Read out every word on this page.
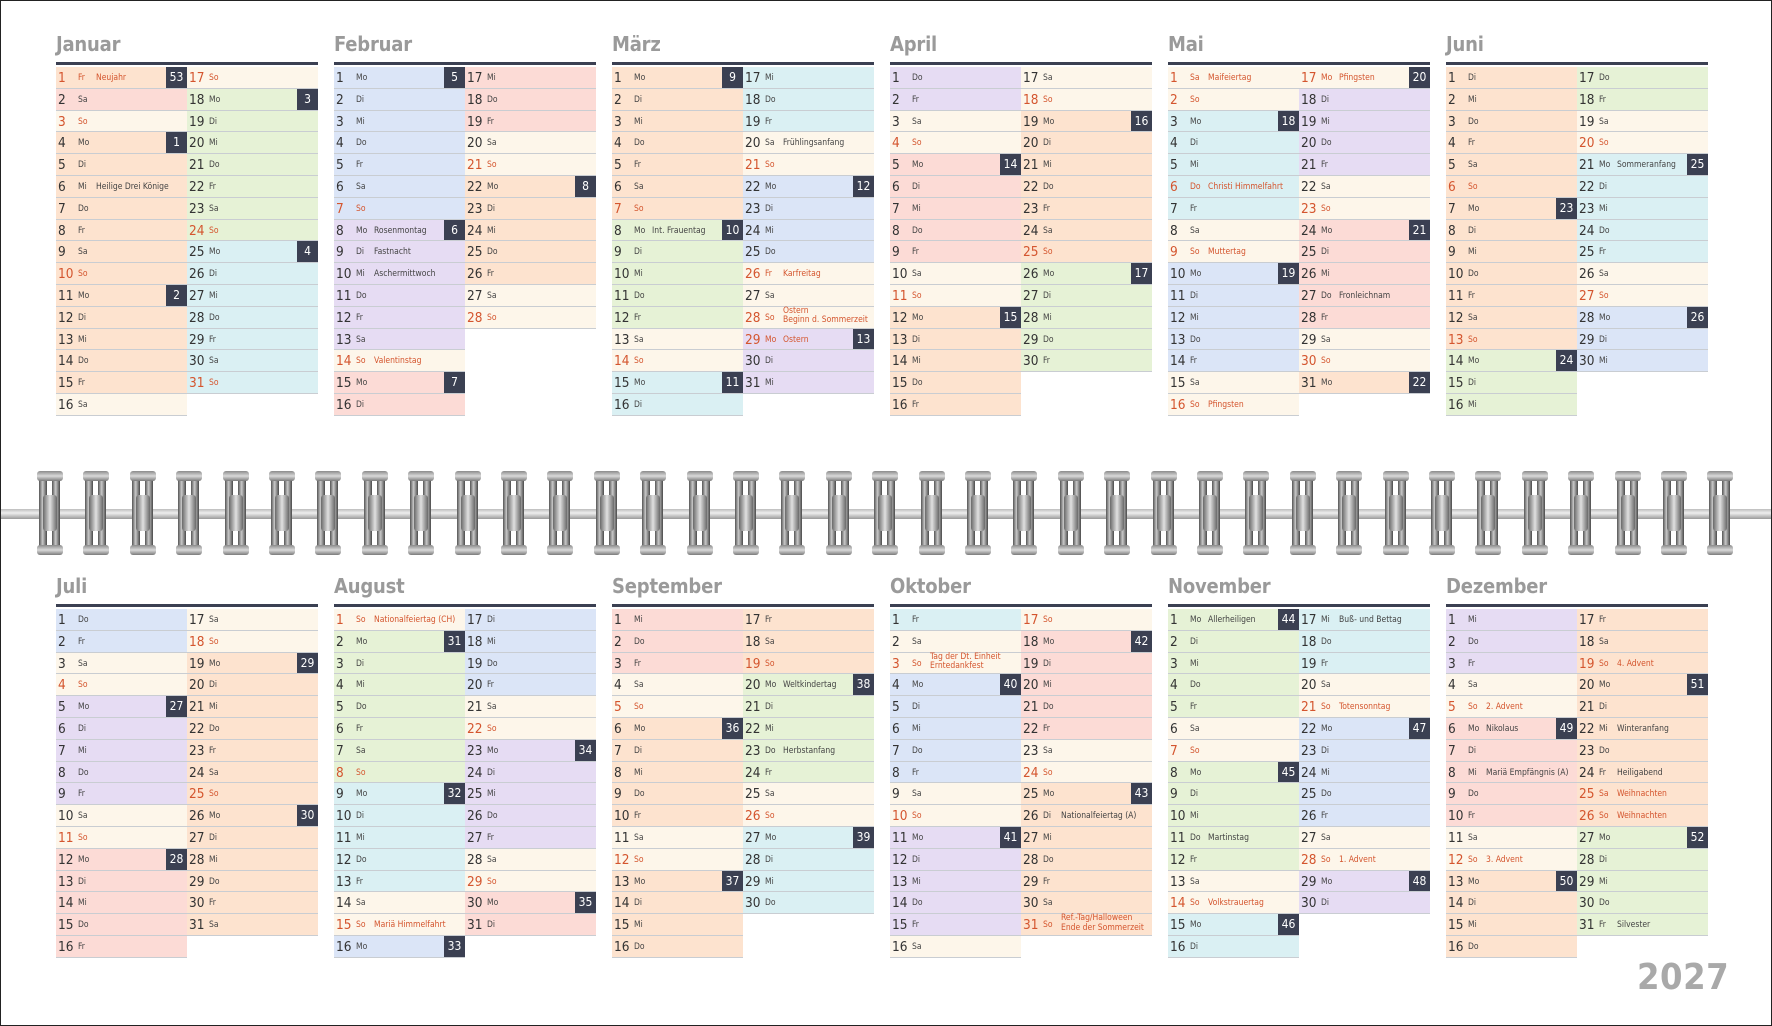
Januar
1 Fr Neujahr	53
2 Sa
3 So
4 Mo	1
5 Di
6 Mi Heilige Drei Könige
7 Do
8 Fr
9 Sa
10 So
11 Mo	2
12 Di
13 Mi
14 Do
15 Fr
16 Sa
17 So
18 Mo	3
19 Di
20 Mi
21 Do
22 Fr
23 Sa
24 So
25 Mo	4
26 Di
27 Mi
28 Do
29 Fr
30 Sa
31 So
Februar
1 Mo	5
2 Di
3 Mi
4 Do
5 Fr
6 Sa
7 So
8 Mo Rosenmontag	6
9 Di Fastnacht
10 Mi Aschermittwoch
11 Do
12 Fr
13 Sa
14 So Valentinstag
15 Mo	7
16 Di
17 Mi
18 Do
19 Fr
20 Sa
21 So
22 Mo	8
23 Di
24 Mi
25 Do
26 Fr
27 Sa
28 So
März
1 Mo	9
2 Di
3 Mi
4 Do
5 Fr
6 Sa
7 So
8 Mo Int. Frauentag	10
9 Di
10 Mi
11 Do
12 Fr
13 Sa
14 So
15 Mo	11
16 Di
17 Mi
18 Do
19 Fr
20 Sa Frühlingsanfang
21 So
22 Mo	12
23 Di
24 Mi
25 Do
26 Fr Karfreitag
27 Sa
28 So
Ostern
Beginn d. Sommerzeit
29 Mo Ostern	13
30 Di
31 Mi
April
1 Do
2 Fr
3 Sa
4 So
5 Mo	14
6 Di
7 Mi
8 Do
9 Fr
10 Sa
11 So
12 Mo	15
13 Di
14 Mi
15 Do
16 Fr
17 Sa
18 So
19 Mo	16
20 Di
21 Mi
22 Do
23 Fr
24 Sa
25 So
26 Mo	17
27 Di
28 Mi
29 Do
30 Fr
Mai
1 Sa Maifeiertag
2 So
3 Mo	18
4 Di
5 Mi
6 Do Christi Himmelfahrt
7 Fr
8 Sa
9 So Muttertag
10 Mo	19
11 Di
12 Mi
13 Do
14 Fr
15 Sa
16 So Pfingsten
17 Mo Pfingsten	20
18 Di
19 Mi
20 Do
21 Fr
22 Sa
23 So
24 Mo	21
25 Di
26 Mi
27 Do Fronleichnam
28 Fr
29 Sa
30 So
31 Mo	22
Juni
1 Di
2 Mi
3 Do
4 Fr
5 Sa
6 So
7 Mo	23
8 Di
9 Mi
10 Do
11 Fr
12 Sa
13 So
14 Mo	24
15 Di
16 Mi
17 Do
18 Fr
19 Sa
20 So
21 Mo Sommeranfang	25
22 Di
23 Mi
24 Do
25 Fr
26 Sa
27 So
28 Mo	26
29 Di
30 Mi
Juli
1 Do
2 Fr
3 Sa
4 So
5 Mo	27
6 Di
7 Mi
8 Do
9 Fr
10 Sa
11 So
12 Mo	28
13 Di
14 Mi
15 Do
16 Fr
17 Sa
18 So
19 Mo	29
20 Di
21 Mi
22 Do
23 Fr
24 Sa
25 So
26 Mo	30
27 Di
28 Mi
29 Do
30 Fr
31 Sa
August
1 So Nationalfeiertag (CH)
2 Mo	31
3 Di
4 Mi
5 Do
6 Fr
7 Sa
8 So
9 Mo	32
10 Di
11 Mi
12 Do
13 Fr
14 Sa
15 So Mariä Himmelfahrt
16 Mo	33
17 Di
18 Mi
19 Do
20 Fr
21 Sa
22 So
23 Mo	34
24 Di
25 Mi
26 Do
27 Fr
28 Sa
29 So
30 Mo	35
31 Di
September
1 Mi
2 Do
3 Fr
4 Sa
5 So
6 Mo	36
7 Di
8 Mi
9 Do
10 Fr
11 Sa
12 So
13 Mo	37
14 Di
15 Mi
16 Do
17 Fr
18 Sa
19 So
20 Mo Weltkindertag	38
21 Di
22 Mi
23 Do Herbstanfang
24 Fr
25 Sa
26 So
27 Mo	39
28 Di
29 Mi
30 Do
Oktober
1 Fr
2 Sa
3 So
Tag der Dt. Einheit
Erntedankfest
4 Mo	40
5 Di
6 Mi
7 Do
8 Fr
9 Sa
10 So
11 Mo	41
12 Di
13 Mi
14 Do
15 Fr
16 Sa
17 So
18 Mo	42
19 Di
20 Mi
21 Do
22 Fr
23 Sa
24 So
25 Mo	43
26 Di Nationalfeiertag (A)
27 Mi
28 Do
29 Fr
30 Sa
31 So
Ref.-Tag/Halloween
Ende der Sommerzeit
November
1 Mo Allerheiligen	44
2 Di
3 Mi
4 Do
5 Fr
6 Sa
7 So
8 Mo	45
9 Di
10 Mi
11 Do Martinstag
12 Fr
13 Sa
14 So Volkstrauertag
15 Mo	46
16 Di
17 Mi Buß- und Bettag
18 Do
19 Fr
20 Sa
21 So Totensonntag
22 Mo	47
23 Di
24 Mi
25 Do
26 Fr
27 Sa
28 So 1. Advent
29 Mo	48
30 Di
Dezember
1 Mi
2 Do
3 Fr
4 Sa
5 So 2. Advent
6 Mo Nikolaus	49
7 Di
8 Mi Mariä Empfängnis (A)
9 Do
10 Fr
11 Sa
12 So 3. Advent
13 Mo	50
14 Di
15 Mi
16 Do
17 Fr
18 Sa
19 So 4. Advent
20 Mo	51
21 Di
22 Mi Winteranfang
23 Do
24 Fr Heiligabend
25 Sa Weihnachten
26 So Weihnachten
27 Mo	52
28 Di
29 Mi
30 Do
31 Fr Silvester
2027
